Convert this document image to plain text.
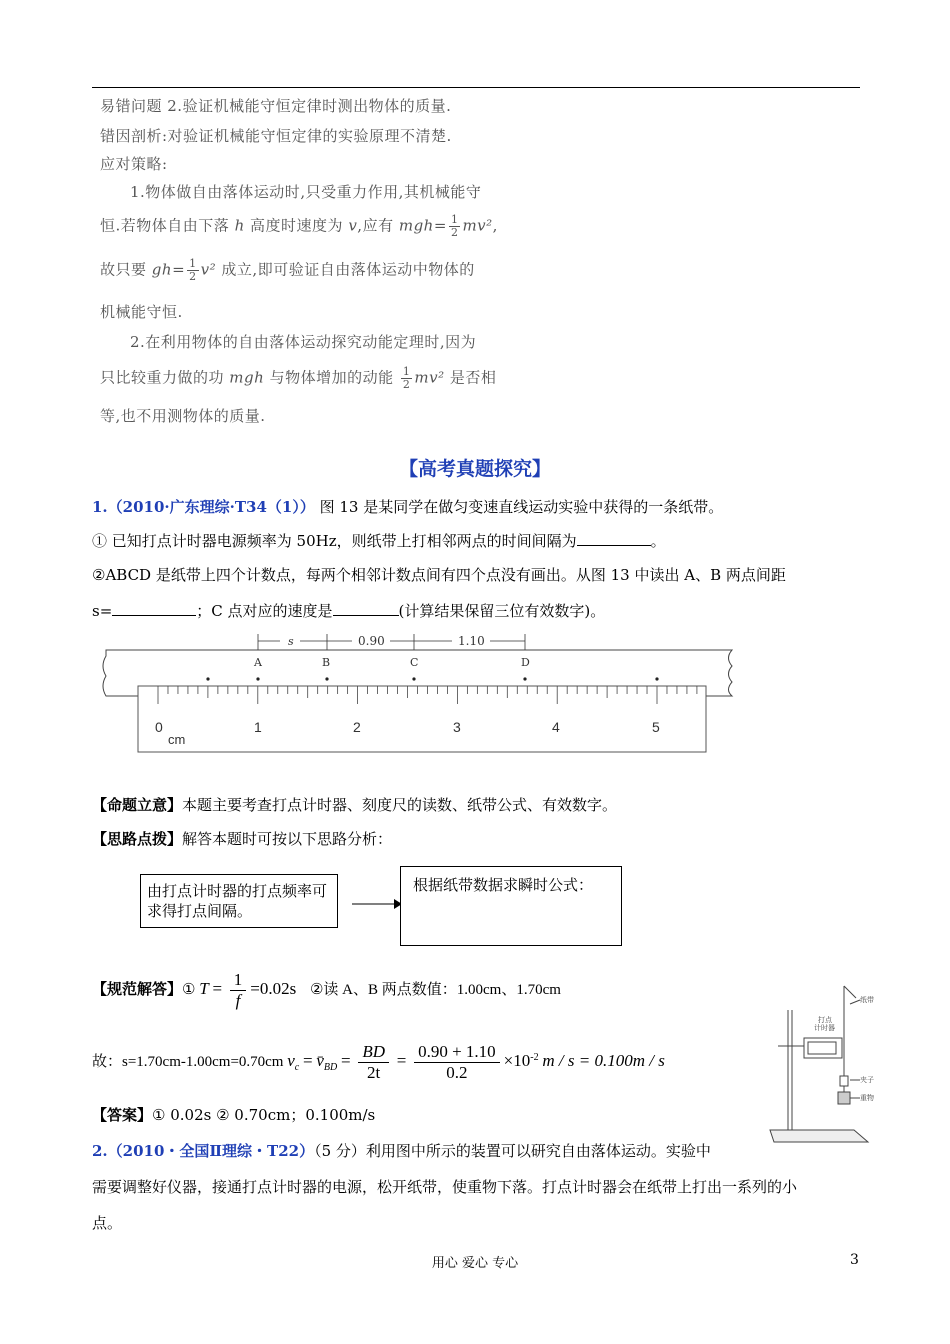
易错问题 2.验证机械能守恒定律时测出物体的质量.
错因剖析:对验证机械能守恒定律的实验原理不清楚.
应对策略:
1.物体做自由落体运动时,只受重力作用,其机械能守
恒.若物体自由下落 h 高度时速度为 v,应有 $mgh= \frac{1}{2} mv^2$,
故只要 $gh= \frac{1}{2} v^2$ 成立,即可验证自由落体运动中物体的
机械能守恒.
2.在利用物体的自由落体运动探究动能定理时,因为
只比较重力做的功 mgh 与物体增加的动能 $\frac{1}{2} mv^2$ 是否相
等,也不用测物体的质量.
【高考真题探究】
1.（2010·广东理综·T34（1）） 图 13 是某同学在做匀变速直线运动实验中获得的一条纸带。
① 已知打点计时器电源频率为 50Hz，则纸带上打相邻两点的时间间隔为	。
②ABCD 是纸带上四个计数点，每两个相邻计数点间有四个点没有画出。从图 13 中读出 A、B 两点间距
s=	；C 点对应的速度是	(计算结果保留三位有效数字)。
s	0.90	1.10
A	B	C	D
0	1	2	3	4	5
cm
【命题立意】本题主要考查打点计时器、刻度尺的读数、纸带公式、有效数字。
【思路点拨】解答本题时可按以下思路分析：
由打点计时器的打点频率可求得打点间隔。
根据纸带数据求瞬时公式：
【规范解答】① $T = \frac{1}{f} =0.02s$ ②读 A、B 两点数值：1.00cm、1.70cm
故：s=1.70cm-1.00cm=0.70cm $v_c$ = $v̄_{BD} = \frac{BD}{2t} = \frac{0.90 + 1.10}{0.2} \times 10^{-2}$ m / s = 0.100m / s
【答案】① 0.02s ② 0.70cm；0.100m/s
2.（2010・全国Ⅱ理综・T22）（5 分）利用图中所示的装置可以研究自由落体运动。实验中
需要调整好仪器，接通打点计时器的电源，松开纸带，使重物下落。打点计时器会在纸带上打出一系列的小
点。
打点
计时器
纸带
夹子
重物
用心 爱心 专心	3
